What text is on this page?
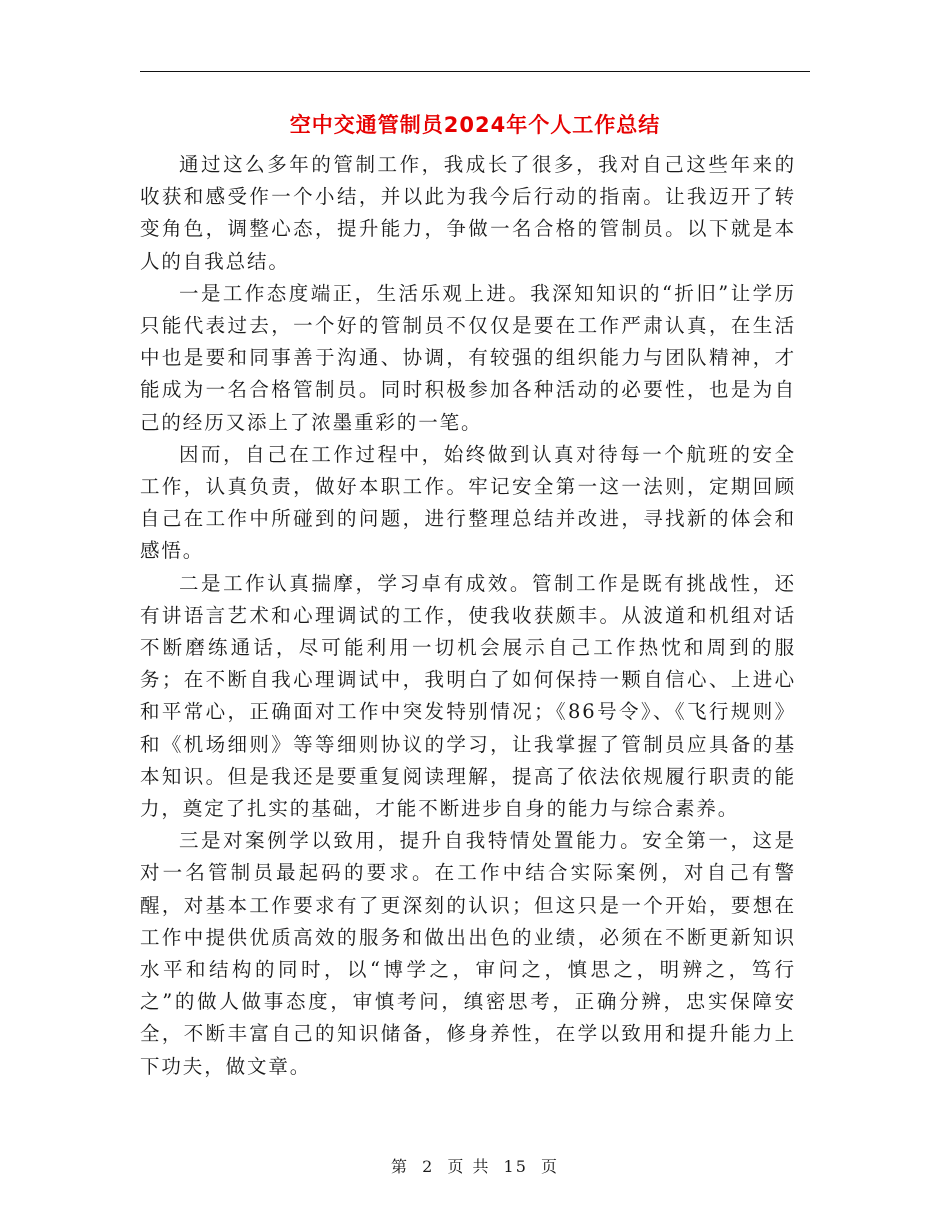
空中交通管制员2024年个人工作总结

通过这么多年的管制工作，我成长了很多，我对自己这些年来的收获和感受作一个小结，并以此为我今后行动的指南。让我迈开了转变角色，调整心态，提升能力，争做一名合格的管制员。以下就是本人的自我总结。

一是工作态度端正，生活乐观上进。我深知知识的“折旧”让学历只能代表过去，一个好的管制员不仅仅是要在工作严肃认真，在生活中也是要和同事善于沟通、协调，有较强的组织能力与团队精神，才能成为一名合格管制员。同时积极参加各种活动的必要性，也是为自己的经历又添上了浓墨重彩的一笔。

因而，自己在工作过程中，始终做到认真对待每一个航班的安全工作，认真负责，做好本职工作。牢记安全第一这一法则，定期回顾自己在工作中所碰到的问题，进行整理总结并改进，寻找新的体会和感悟。

二是工作认真揣摩，学习卓有成效。管制工作是既有挑战性，还有讲语言艺术和心理调试的工作，使我收获颇丰。从波道和机组对话不断磨练通话，尽可能利用一切机会展示自己工作热忱和周到的服务；在不断自我心理调试中，我明白了如何保持一颗自信心、上进心和平常心，正确面对工作中突发特别情况；《86号令》、《飞行规则》和《机场细则》等等细则协议的学习，让我掌握了管制员应具备的基本知识。但是我还是要重复阅读理解，提高了依法依规履行职责的能力，奠定了扎实的基础，才能不断进步自身的能力与综合素养。

三是对案例学以致用，提升自我特情处置能力。安全第一，这是对一名管制员最起码的要求。在工作中结合实际案例，对自己有警醒，对基本工作要求有了更深刻的认识；但这只是一个开始，要想在工作中提供优质高效的服务和做出出色的业绩，必须在不断更新知识水平和结构的同时，以“博学之，审问之，慎思之，明辨之，笃行之”的做人做事态度，审慎考问，缜密思考，正确分辨，忠实保障安全，不断丰富自己的知识储备，修身养性，在学以致用和提升能力上下功夫，做文章。

第 2 页 共 15 页
